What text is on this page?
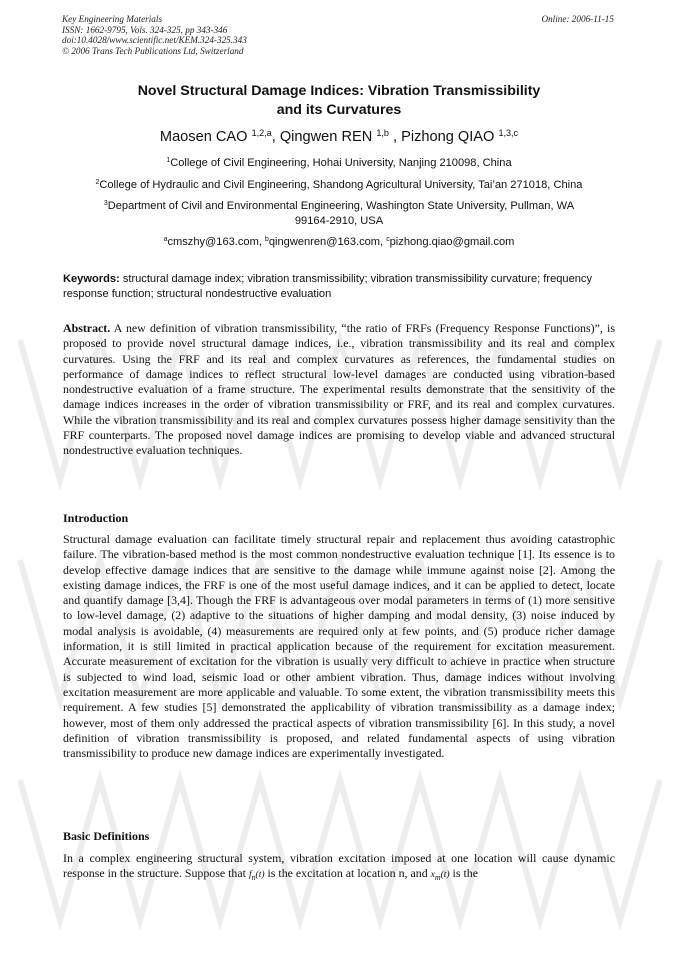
Key Engineering Materials
ISSN: 1662-9795, Vols. 324-325, pp 343-346
doi:10.4028/www.scientific.net/KEM.324-325.343
© 2006 Trans Tech Publications Ltd, Switzerland
Online: 2006-11-15
Novel Structural Damage Indices: Vibration Transmissibility
and its Curvatures
Maosen CAO $^{1,2,a}$, Qingwen REN $^{1,b}$ , Pizhong QIAO $^{1,3,c}$
$^1$College of Civil Engineering, Hohai University, Nanjing 210098, China
$^2$College of Hydraulic and Civil Engineering, Shandong Agricultural University, Tai’an 271018, China
$^3$Department of Civil and Environmental Engineering, Washington State University, Pullman, WA
99164-2910, USA
$^a$cmszhy@163.com, $^b$qingwenren@163.com, $^c$pizhong.qiao@gmail.com

Keywords: structural damage index; vibration transmissibility; vibration transmissibility curvature; frequency response function; structural nondestructive evaluation

Abstract. A new definition of vibration transmissibility, “the ratio of FRFs (Frequency Response Functions)”, is proposed to provide novel structural damage indices, i.e., vibration transmissibility and its real and complex curvatures. Using the FRF and its real and complex curvatures as references, the fundamental studies on performance of damage indices to reflect structural low-level damages are conducted using vibration-based nondestructive evaluation of a frame structure. The experimental results demonstrate that the sensitivity of the damage indices increases in the order of vibration transmissibility or FRF, and its real and complex curvatures. While the vibration transmissibility and its real and complex curvatures possess higher damage sensitivity than the FRF counterparts. The proposed novel damage indices are promising to develop viable and advanced structural nondestructive evaluation techniques.

Introduction

Structural damage evaluation can facilitate timely structural repair and replacement thus avoiding catastrophic failure. The vibration-based method is the most common nondestructive evaluation technique [1]. Its essence is to develop effective damage indices that are sensitive to the damage while immune against noise [2]. Among the existing damage indices, the FRF is one of the most useful damage indices, and it can be applied to detect, locate and quantify damage [3,4]. Though the FRF is advantageous over modal parameters in terms of (1) more sensitive to low-level damage, (2) adaptive to the situations of higher damping and modal density, (3) noise induced by modal analysis is avoidable, (4) measurements are required only at few points, and (5) produce richer damage information, it is still limited in practical application because of the requirement for excitation measurement. Accurate measurement of excitation for the vibration is usually very difficult to achieve in practice when structure is subjected to wind load, seismic load or other ambient vibration. Thus, damage indices without involving excitation measurement are more applicable and valuable. To some extent, the vibration transmissibility meets this requirement. A few studies [5] demonstrated the applicability of vibration transmissibility as a damage index; however, most of them only addressed the practical aspects of vibration transmissibility [6]. In this study, a novel definition of vibration transmissibility is proposed, and related fundamental aspects of using vibration transmissibility to produce new damage indices are experimentally investigated.

Basic Definitions

In a complex engineering structural system, vibration excitation imposed at one location will cause dynamic response in the structure. Suppose that $f_n(t)$ is the excitation at location n, and $x_m(t)$ is the
